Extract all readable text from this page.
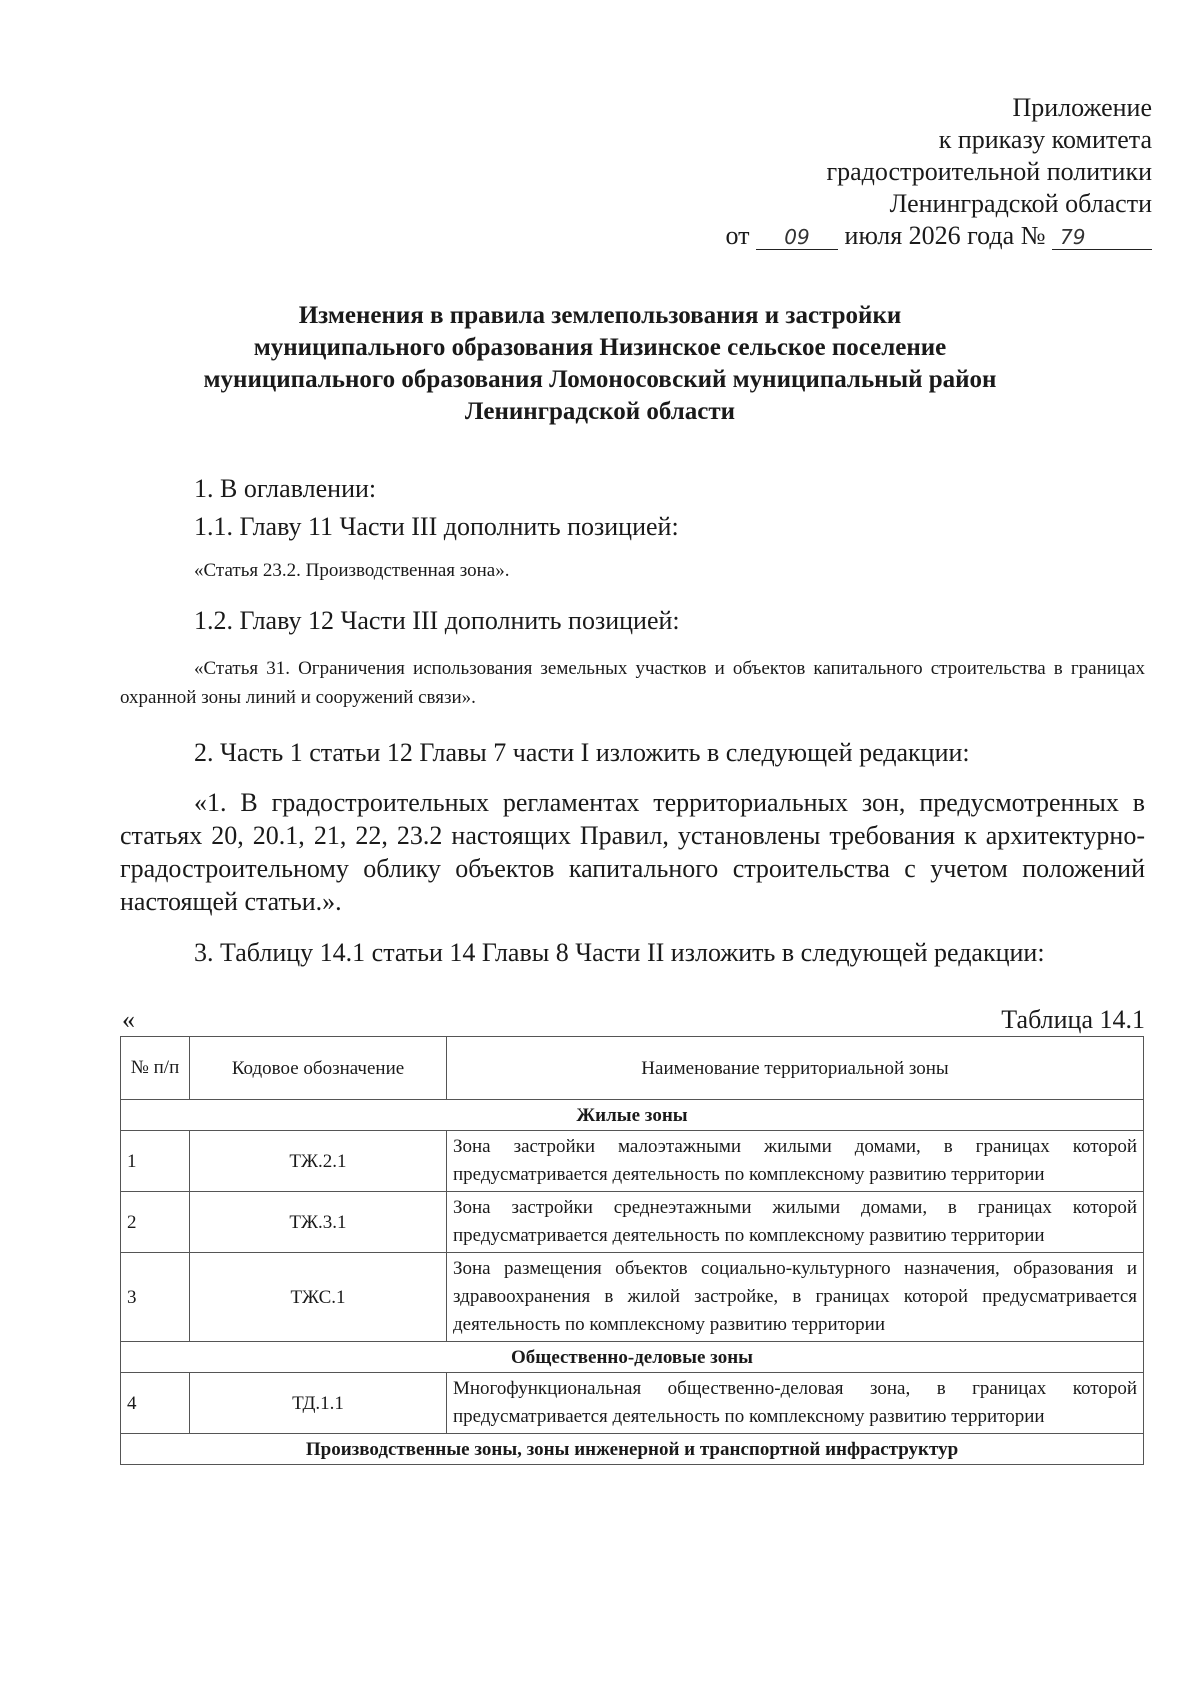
Приложение
к приказу комитета
градостроительной политики
Ленинградской области
от 09 июля 2026 года № 79
Изменения в правила землепользования и застройки
муниципального образования Низинское сельское поселение
муниципального образования Ломоносовский муниципальный район
Ленинградской области
1. В оглавлении:
1.1. Главу 11 Части III дополнить позицией:
«Статья 23.2. Производственная зона».
1.2. Главу 12 Части III дополнить позицией:
«Статья 31. Ограничения использования земельных участков и объектов капитального строительства в границах охранной зоны линий и сооружений связи».
2. Часть 1 статьи 12 Главы 7 части I изложить в следующей редакции:
«1. В градостроительных регламентах территориальных зон, предусмотренных в статьях 20, 20.1, 21, 22, 23.2 настоящих Правил, установлены требования к архитектурно-градостроительному облику объектов капитального строительства с учетом положений настоящей статьи.».
3. Таблицу 14.1 статьи 14 Главы 8 Части II изложить в следующей редакции:
«	Таблица 14.1
№ п/п	Кодовое обозначение	Наименование территориальной зоны
Жилые зоны		
1	ТЖ.2.1	Зона застройки малоэтажными жилыми домами, в границах которой предусматривается деятельность по комплексному развитию территории
2	ТЖ.3.1	Зона застройки среднеэтажными жилыми домами, в границах которой предусматривается деятельность по комплексному развитию территории
3	ТЖС.1	Зона размещения объектов социально-культурного назначения, образования и здравоохранения в жилой застройке, в границах которой предусматривается деятельность по комплексному развитию территории
Общественно-деловые зоны		
4	ТД.1.1	Многофункциональная общественно-деловая зона, в границах которой предусматривается деятельность по комплексному развитию территории
Производственные зоны, зоны инженерной и транспортной инфраструктур		
